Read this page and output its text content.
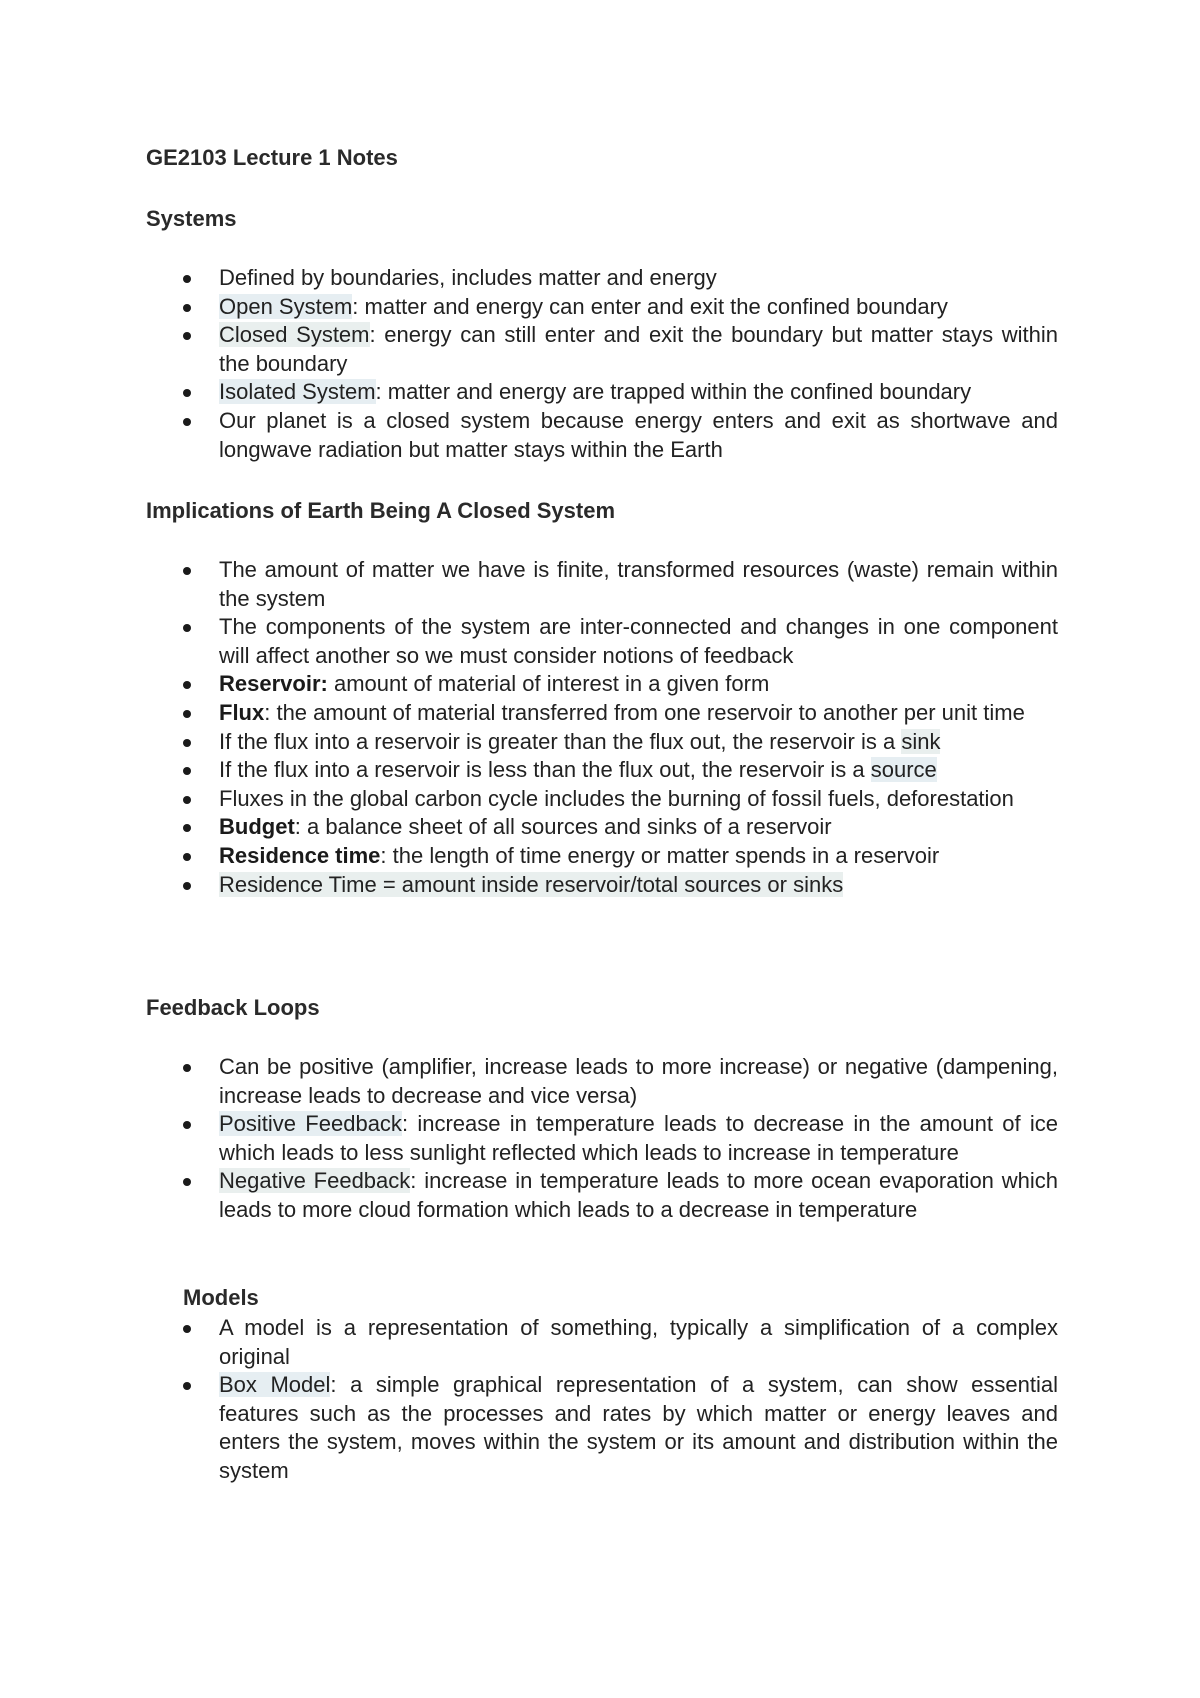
GE2103 Lecture 1 Notes
Systems
Defined by boundaries, includes matter and energy
Open System: matter and energy can enter and exit the confined boundary
Closed System: energy can still enter and exit the boundary but matter stays within the boundary
Isolated System: matter and energy are trapped within the confined boundary
Our planet is a closed system because energy enters and exit as shortwave and longwave radiation but matter stays within the Earth
Implications of Earth Being A Closed System
The amount of matter we have is finite, transformed resources (waste) remain within the system
The components of the system are inter-connected and changes in one component will affect another so we must consider notions of feedback
Reservoir: amount of material of interest in a given form
Flux: the amount of material transferred from one reservoir to another per unit time
If the flux into a reservoir is greater than the flux out, the reservoir is a sink
If the flux into a reservoir is less than the flux out, the reservoir is a source
Fluxes in the global carbon cycle includes the burning of fossil fuels, deforestation
Budget: a balance sheet of all sources and sinks of a reservoir
Residence time: the length of time energy or matter spends in a reservoir
Residence Time = amount inside reservoir/total sources or sinks
Feedback Loops
Can be positive (amplifier, increase leads to more increase) or negative (dampening, increase leads to decrease and vice versa)
Positive Feedback: increase in temperature leads to decrease in the amount of ice which leads to less sunlight reflected which leads to increase in temperature
Negative Feedback: increase in temperature leads to more ocean evaporation which leads to more cloud formation which leads to a decrease in temperature
Models
A model is a representation of something, typically a simplification of a complex original
Box Model: a simple graphical representation of a system, can show essential features such as the processes and rates by which matter or energy leaves and enters the system, moves within the system or its amount and distribution within the system
